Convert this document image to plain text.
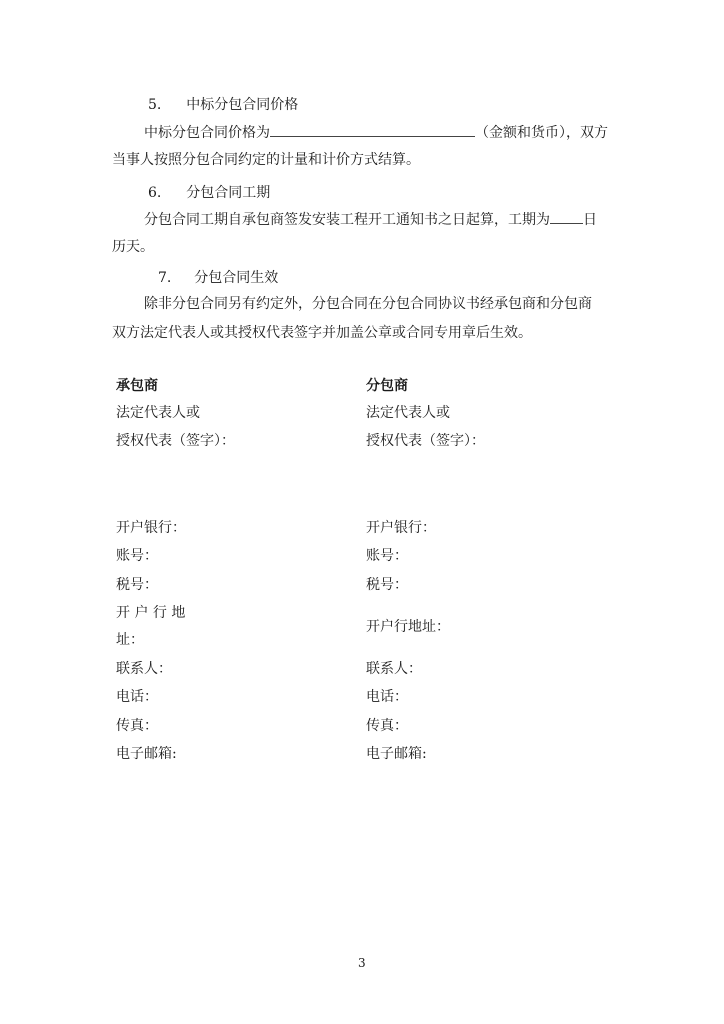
5. 中标分包合同价格
中标分包合同价格为	（金额和货币），双方
当事人按照分包合同约定的计量和计价方式结算。
6. 分包合同工期
分包合同工期自承包商签发安装工程开工通知书之日起算，工期为 日
历天。
7. 分包合同生效
除非分包合同另有约定外，分包合同在分包合同协议书经承包商和分包商
双方法定代表人或其授权代表签字并加盖公章或合同专用章后生效。
承包商
法定代表人或
授权代表（签字）：
开户银行：
账号：
税号：
开 户 行 地
址：
联系人：
电话：
传真：
电子邮箱:
分包商
法定代表人或
授权代表（签字）：
开户银行：
账号：
税号：
开户行地址：
联系人：
电话：
传真：
电子邮箱:
3
